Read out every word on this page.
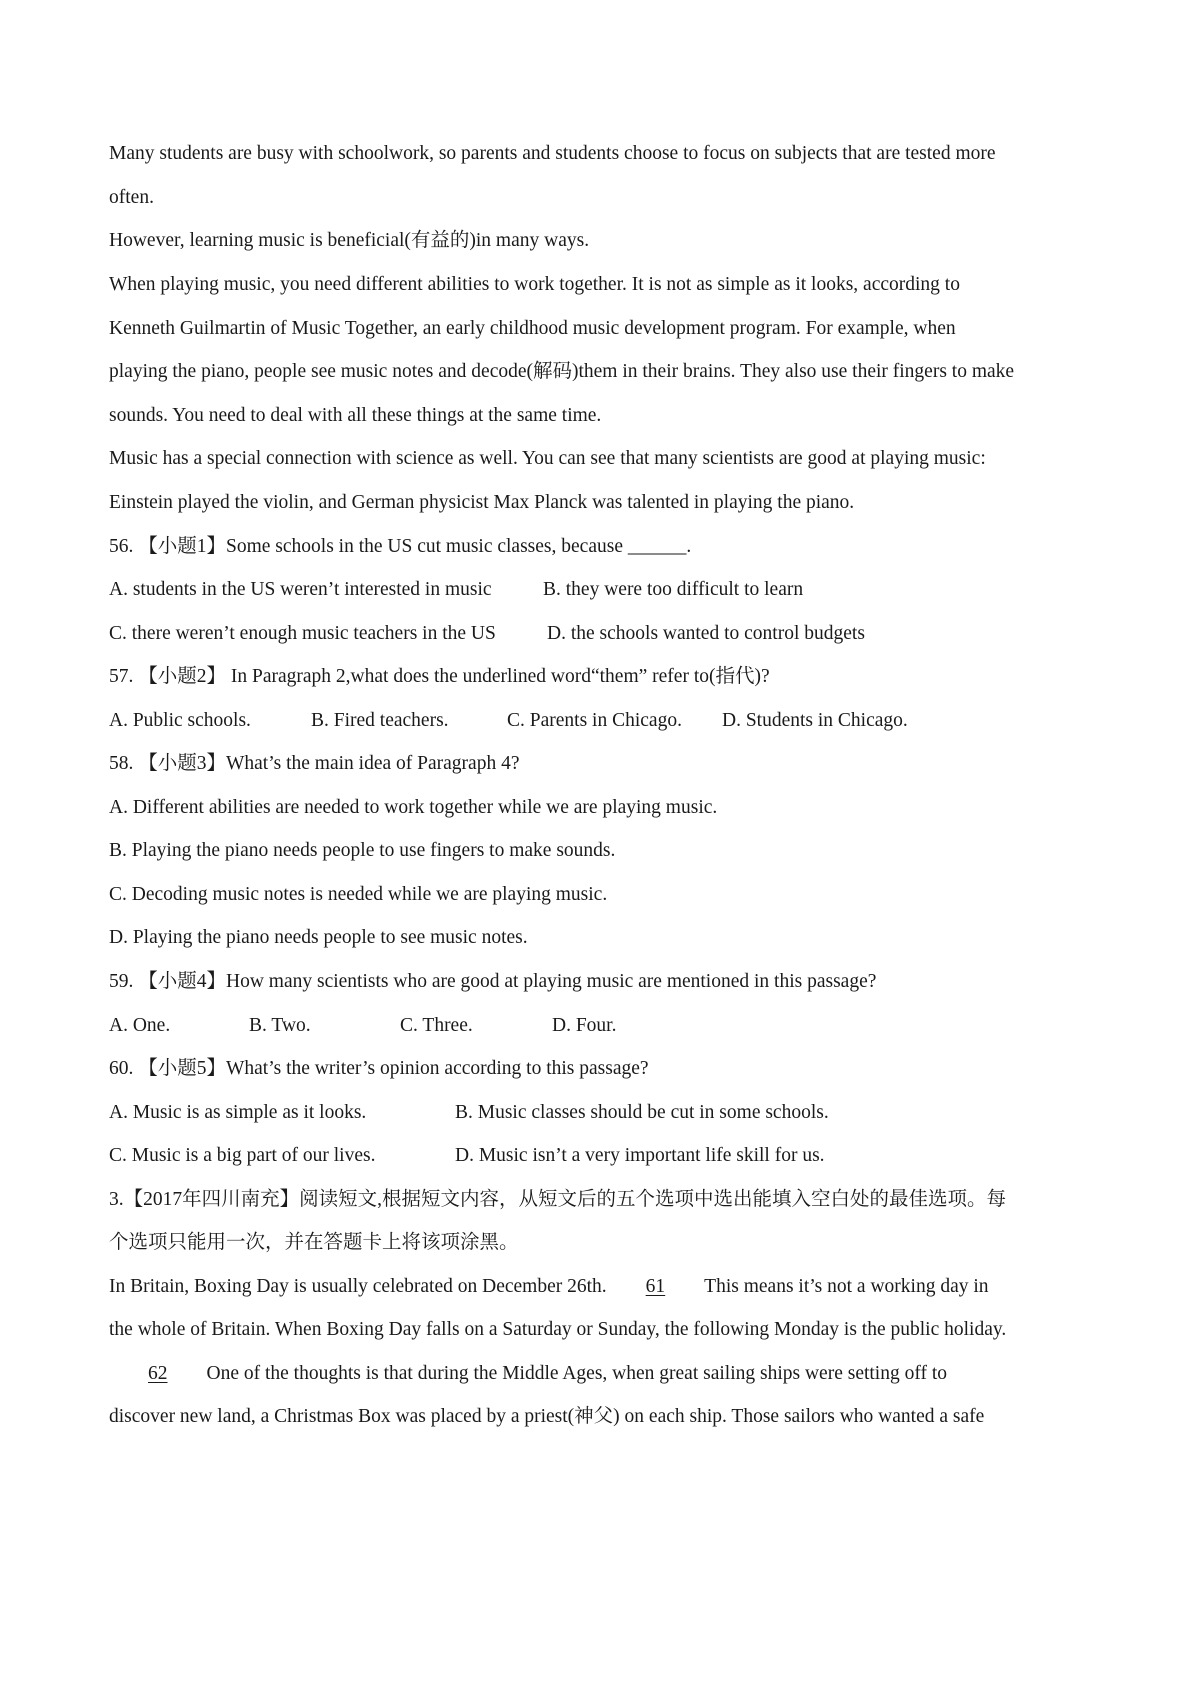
Many students are busy with schoolwork, so parents and students choose to focus on subjects that are tested more
often.
However, learning music is beneficial(有益的)in many ways.
When playing music, you need different abilities to work together. It is not as simple as it looks, according to
Kenneth Guilmartin of Music Together, an early childhood music development program. For example, when
playing the piano, people see music notes and decode(解码)them in their brains. They also use their fingers to make
sounds. You need to deal with all these things at the same time.
Music has a special connection with science as well. You can see that many scientists are good at playing music:
Einstein played the violin, and German physicist Max Planck was talented in playing the piano.
56. 【小题1】Some schools in the US cut music classes, because ______.
A. students in the US weren’t interested in music	B. they were too difficult to learn
C. there weren’t enough music teachers in the US	D. the schools wanted to control budgets
57. 【小题2】 In Paragraph 2,what does the underlined word“them” refer to(指代)?
A. Public schools.	B. Fired teachers.	C. Parents in Chicago. D. Students in Chicago.
58. 【小题3】What’s the main idea of Paragraph 4?
A. Different abilities are needed to work together while we are playing music.
B. Playing the piano needs people to use fingers to make sounds.
C. Decoding music notes is needed while we are playing music.
D. Playing the piano needs people to see music notes.
59. 【小题4】How many scientists who are good at playing music are mentioned in this passage?
A. One.	B. Two.	C. Three.	D. Four.
60. 【小题5】What’s the writer’s opinion according to this passage?
A. Music is as simple as it looks.	B. Music classes should be cut in some schools.
C. Music is a big part of our lives.	D. Music isn’t a very important life skill for us.
3.【2017年四川南充】阅读短文,根据短文内容，从短文后的五个选项中选出能填入空白处的最佳选项。每
个选项只能用一次，并在答题卡上将该项涂黑。
In Britain, Boxing Day is usually celebrated on December 26th. 61 This means it’s not a working day in
the whole of Britain. When Boxing Day falls on a Saturday or Sunday, the following Monday is the public holiday.
62 One of the thoughts is that during the Middle Ages, when great sailing ships were setting off to
discover new land, a Christmas Box was placed by a priest(神父) on each ship. Those sailors who wanted a safe
